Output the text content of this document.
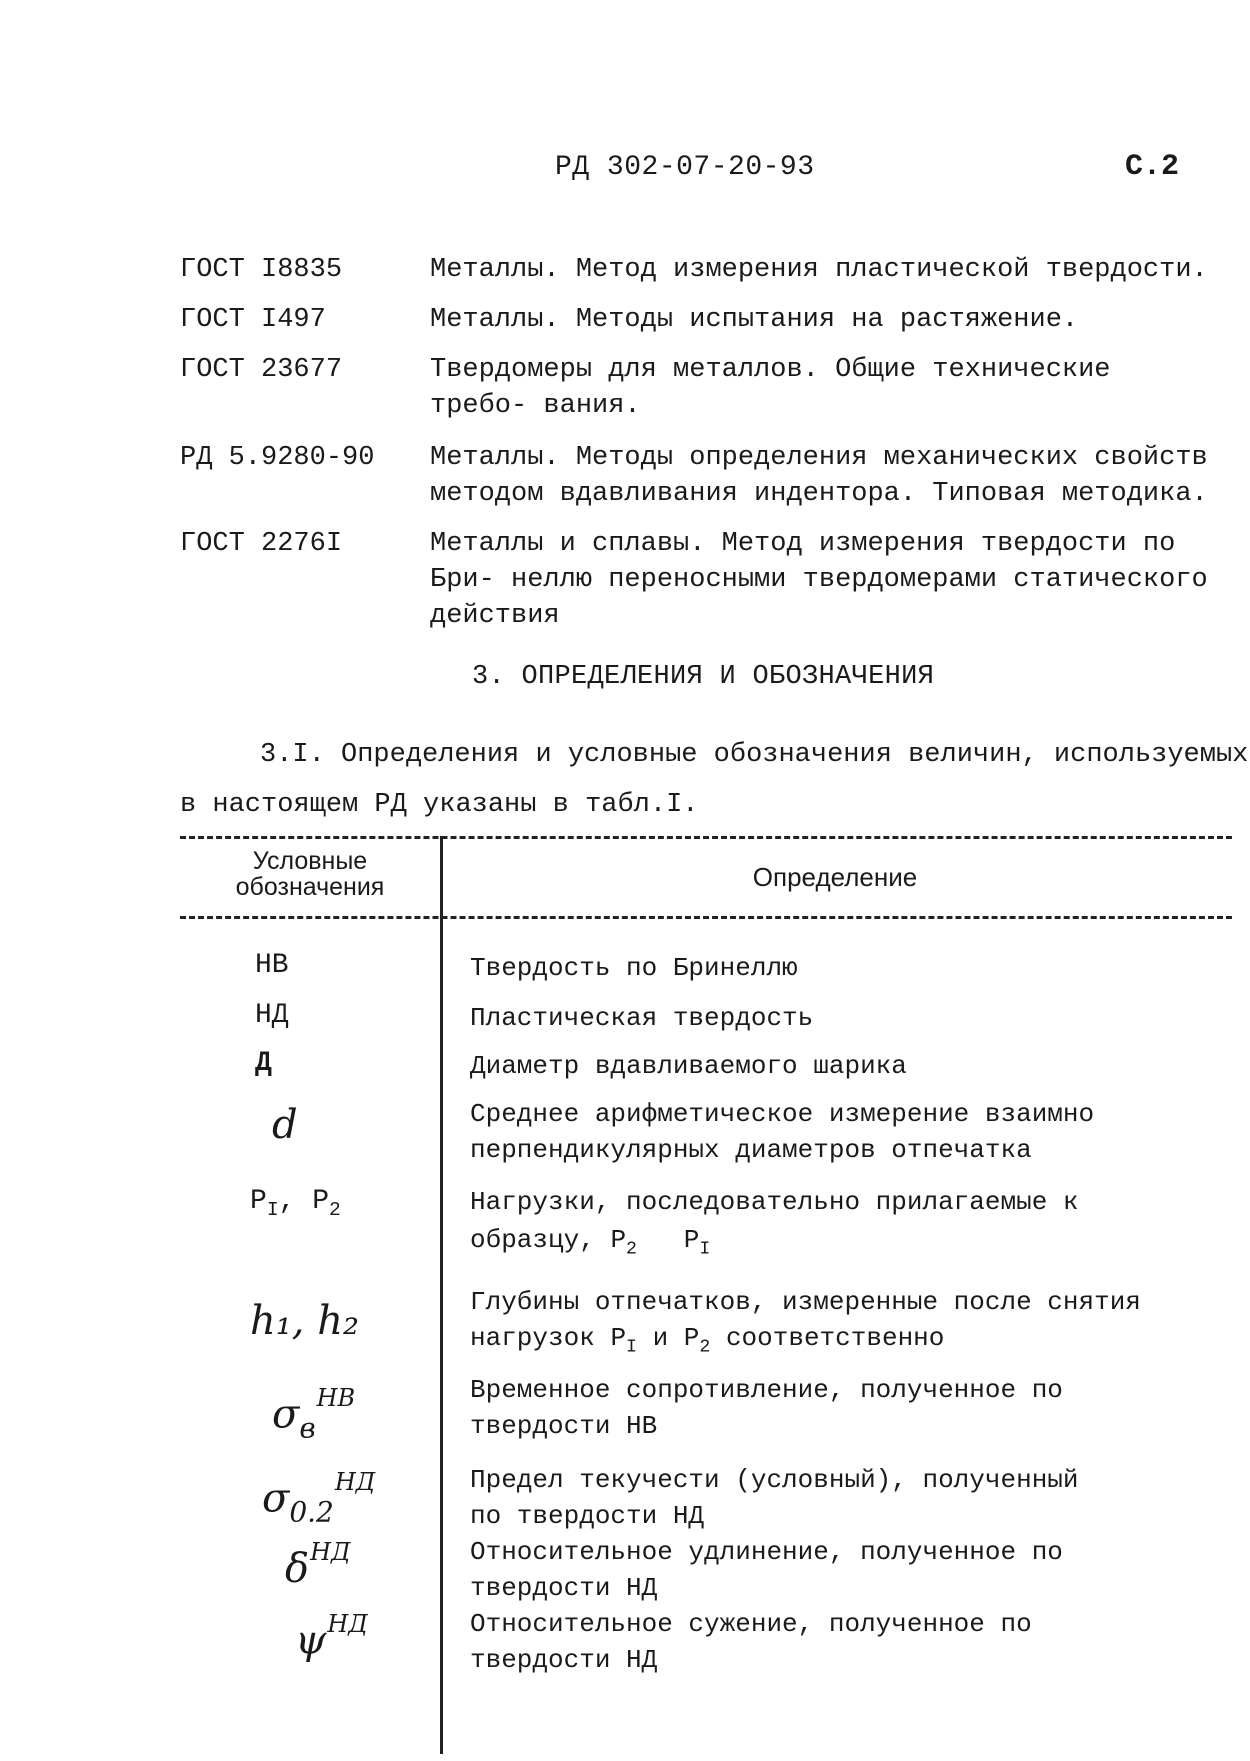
РД 302-07-20-93	С.2
ГОСТ I8835	Металлы. Метод измерения пластической твердости.
ГОСТ I497	Металлы. Методы испытания на растяжение.
ГОСТ 23677	Твердомеры для металлов. Общие технические требо- вания.
РД 5.9280-90 Металлы. Методы определения механических свойств методом вдавливания индентора. Типовая методика.
ГОСТ 2276I	Металлы и сплавы. Метод измерения твердости по Бри- неллю переносными твердомерами статического действия
3. ОПРЕДЕЛЕНИЯ И ОБОЗНАЧЕНИЯ
3.I. Определения и условные обозначения величин, используемых
в настоящем РД указаны в табл.I.
Условные обозначения	Определение
НВ	Твердость по Бринеллю
НД	Пластическая твердость
Д	Диаметр вдавливаемого шарика
d	Среднее арифметическое измерение взаимно перпендикулярных диаметров отпечатка
$P_I$, $P_2$	Нагрузки, последовательно прилагаемые к
образцу, $P_2$ $P_I$
h₁, h₂	Глубины отпечатков, измеренные после снятия
нагрузок $P_I$ и $P_2$ соответственно
$\sigma_в^{НВ}$	Временное сопротивление, полученное по твердости НВ
$\sigma_{0.2}^{НД}$	Предел текучести (условный), полученный по твердости НД
$\delta^{НД}$	Относительное удлинение, полученное по твердости НД
$\psi^{НД}$	Относительное сужение, полученное по твердости НД
